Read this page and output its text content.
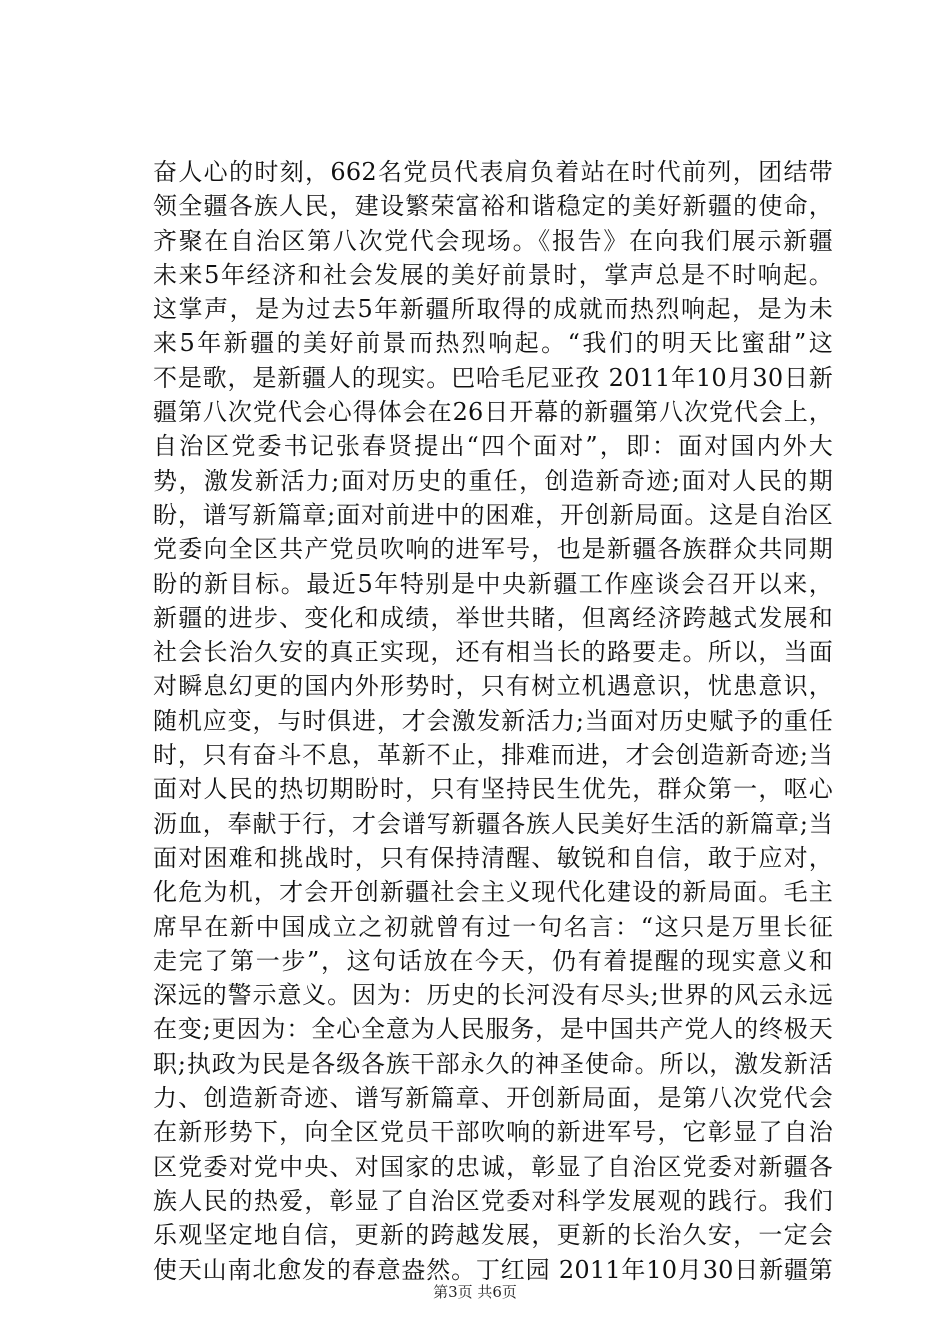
奋人心的时刻，662名党员代表肩负着站在时代前列，团结带
领全疆各族人民，建设繁荣富裕和谐稳定的美好新疆的使命，
齐聚在自治区第八次党代会现场。《报告》在向我们展示新疆
未来5年经济和社会发展的美好前景时，掌声总是不时响起。
这掌声，是为过去5年新疆所取得的成就而热烈响起，是为未
来5年新疆的美好前景而热烈响起。“我们的明天比蜜甜”这
不是歌，是新疆人的现实。巴哈毛尼亚孜 2011年10月30日新
疆第八次党代会心得体会在26日开幕的新疆第八次党代会上，
自治区党委书记张春贤提出“四个面对”，即：面对国内外大
势，激发新活力;面对历史的重任，创造新奇迹;面对人民的期
盼，谱写新篇章;面对前进中的困难，开创新局面。这是自治区
党委向全区共产党员吹响的进军号，也是新疆各族群众共同期
盼的新目标。最近5年特别是中央新疆工作座谈会召开以来，
新疆的进步、变化和成绩，举世共睹，但离经济跨越式发展和
社会长治久安的真正实现，还有相当长的路要走。所以，当面
对瞬息幻更的国内外形势时，只有树立机遇意识，忧患意识，
随机应变，与时俱进，才会激发新活力;当面对历史赋予的重任
时，只有奋斗不息，革新不止，排难而进，才会创造新奇迹;当
面对人民的热切期盼时，只有坚持民生优先，群众第一，呕心
沥血，奉献于行，才会谱写新疆各族人民美好生活的新篇章;当
面对困难和挑战时，只有保持清醒、敏锐和自信，敢于应对，
化危为机，才会开创新疆社会主义现代化建设的新局面。毛主
席早在新中国成立之初就曾有过一句名言：“这只是万里长征
走完了第一步”，这句话放在今天，仍有着提醒的现实意义和
深远的警示意义。因为：历史的长河没有尽头;世界的风云永远
在变;更因为：全心全意为人民服务，是中国共产党人的终极天
职;执政为民是各级各族干部永久的神圣使命。所以，激发新活
力、创造新奇迹、谱写新篇章、开创新局面，是第八次党代会
在新形势下，向全区党员干部吹响的新进军号，它彰显了自治
区党委对党中央、对国家的忠诚，彰显了自治区党委对新疆各
族人民的热爱，彰显了自治区党委对科学发展观的践行。我们
乐观坚定地自信，更新的跨越发展，更新的长治久安，一定会
使天山南北愈发的春意盎然。丁红园 2011年10月30日新疆第
第3页 共6页
